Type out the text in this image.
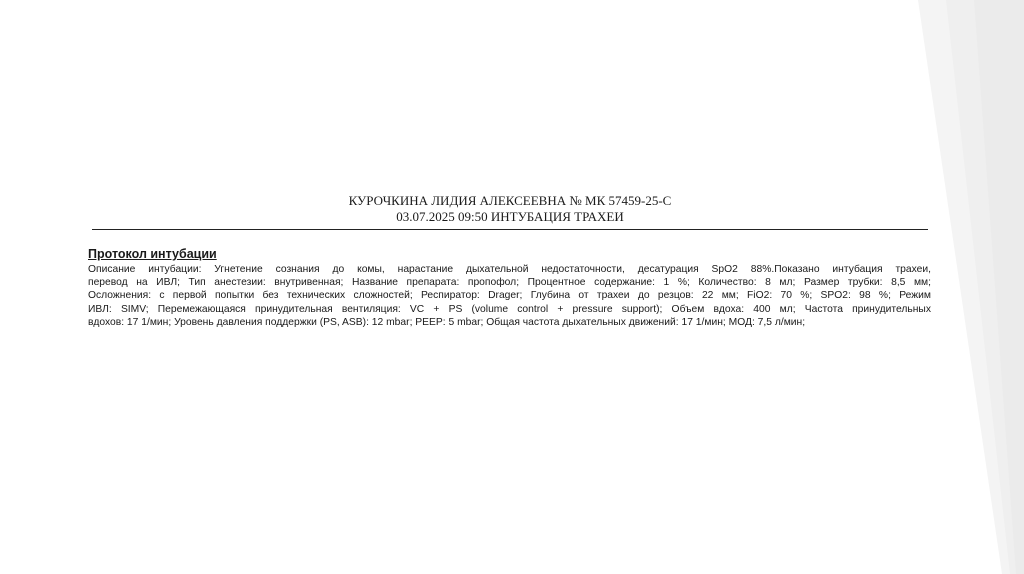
КУРОЧКИНА ЛИДИЯ АЛЕКСЕЕВНА № МК 57459-25-С
03.07.2025 09:50 ИНТУБАЦИЯ ТРАХЕИ

Протокол интубации

Описание интубации: Угнетение сознания до комы, нарастание дыхательной недостаточности, десатурация SpO2 88%.Показано интубация трахеи,
перевод на ИВЛ; Тип анестезии: внутривенная; Название препарата: пропофол; Процентное содержание: 1 %; Количество: 8 мл; Размер трубки: 8,5 мм;
Осложнения: с первой попытки без технических сложностей; Респиратор: Drager; Глубина от трахеи до резцов: 22 мм; FiO2: 70 %; SPO2: 98 %; Режим
ИВЛ: SIMV; Перемежающаяся принудительная вентиляция: VC + PS (volume control + pressure support); Объем вдоха: 400 мл; Частота принудительных
вдохов: 17 1/мин; Уровень давления поддержки (PS, ASB): 12 mbar; PEEP: 5 mbar; Общая частота дыхательных движений: 17 1/мин; МОД: 7,5 л/мин;
